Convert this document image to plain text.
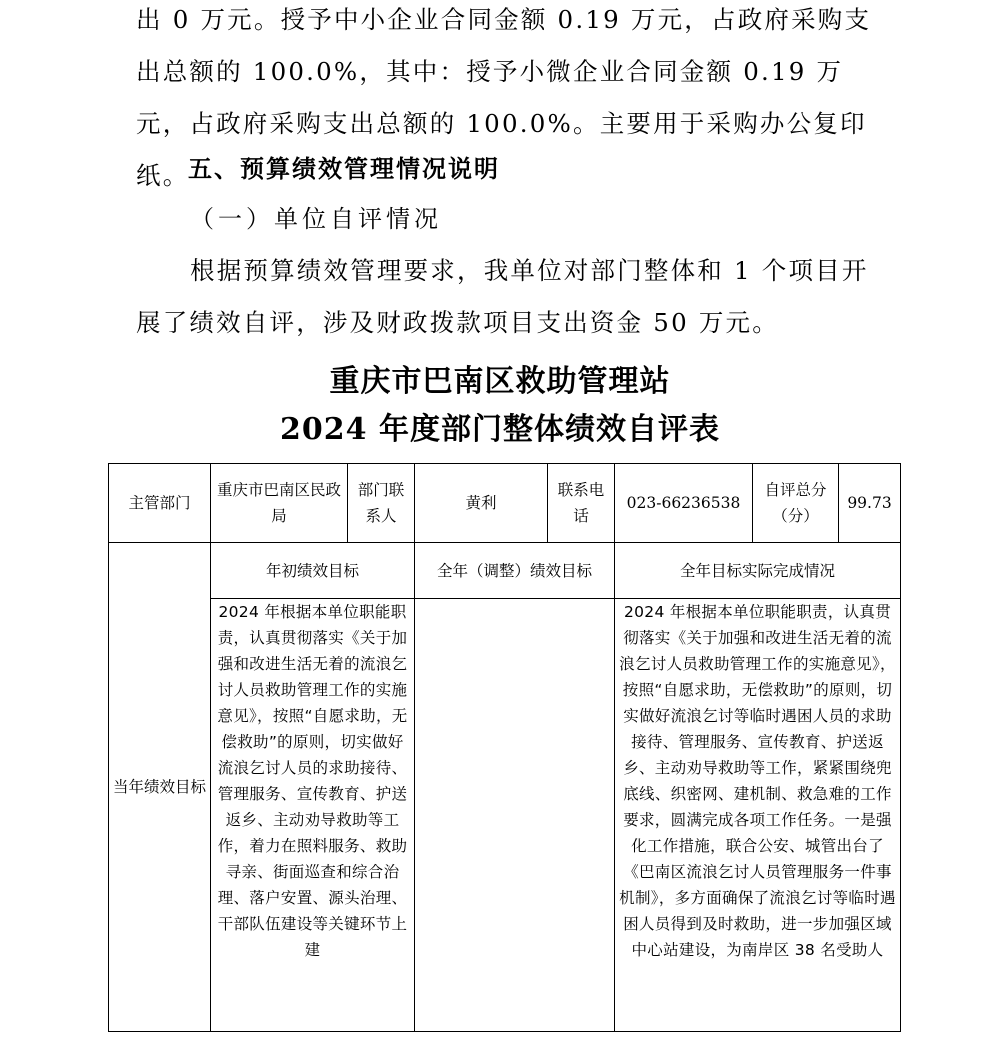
出 0 万元。授予中小企业合同金额 0.19 万元，占政府采购支出总额的 100.0%，其中：授予小微企业合同金额 0.19 万元，占政府采购支出总额的 100.0%。主要用于采购办公复印纸。

五、预算绩效管理情况说明

（一）单位自评情况

根据预算绩效管理要求，我单位对部门整体和 1 个项目开展了绩效自评，涉及财政拨款项目支出资金 50 万元。

重庆市巴南区救助管理站
2024 年度部门整体绩效自评表
主管部门	重庆市巴南区民政局	部门联系人	黄利	联系电话	023-66236538	自评总分（分）	99.73
当年绩效目标	年初绩效目标		全年（调整）绩效目标		全年目标实际完成情况		

	2024 年根据本单位职能职责，认真贯彻落实《关于加强和改进生活无着的流浪乞讨人员救助管理工作的实施意见》，按照“自愿求助，无偿救助”的原则，切实做好流浪乞讨人员的求助接待、管理服务、宣传教育、护送返乡、主动劝导救助等工作，着力在照料服务、救助寻亲、街面巡查和综合治理、落户安置、源头治理、干部队伍建设等关键环节上建				2024 年根据本单位职能职责，认真贯彻落实《关于加强和改进生活无着的流浪乞讨人员救助管理工作的实施意见》，按照“自愿求助，无偿救助”的原则，切实做好流浪乞讨等临时遇困人员的求助接待、管理服务、宣传教育、护送返乡、主动劝导救助等工作，紧紧围绕兜底线、织密网、建机制、救急难的工作要求，圆满完成各项工作任务。一是强化工作措施，联合公安、城管出台了《巴南区流浪乞讨人员管理服务一件事机制》，多方面确保了流浪乞讨等临时遇困人员得到及时救助，进一步加强区域中心站建设，为南岸区 38 名受助人		
